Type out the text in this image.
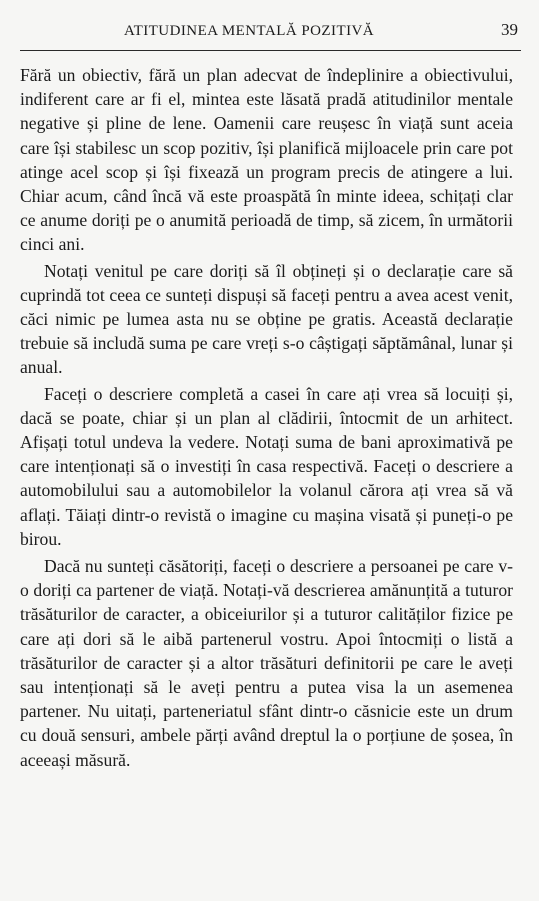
ATITUDINEA MENTALĂ POZITIVĂ	39

Fără un obiectiv, fără un plan adecvat de îndeplinire a obiectivului, indiferent care ar fi el, mintea este lăsată pradă atitudinilor mentale negative și pline de lene. Oamenii care reușesc în viață sunt aceia care își stabilesc un scop pozitiv, își planifică mijloacele prin care pot atinge acel scop și își fixează un program precis de atingere a lui. Chiar acum, când încă vă este proaspătă în minte ideea, schițați clar ce anume doriți pe o anumită perioadă de timp, să zicem, în următorii cinci ani.

Notați venitul pe care doriți să îl obțineți și o declarație care să cuprindă tot ceea ce sunteți dispuși să faceți pentru a avea acest venit, căci nimic pe lumea asta nu se obține pe gratis. Această declarație trebuie să includă suma pe care vreți s-o câștigați săptămânal, lunar și anual.

Faceți o descriere completă a casei în care ați vrea să locuiți și, dacă se poate, chiar și un plan al clădirii, întocmit de un arhitect. Afișați totul undeva la vedere. Notați suma de bani aproximativă pe care intenționați să o investiți în casa respectivă. Faceți o descriere a automobilului sau a automobilelor la volanul cărora ați vrea să vă aflați. Tăiați dintr-o revistă o imagine cu mașina visată și puneți-o pe birou.

Dacă nu sunteți căsătoriți, faceți o descriere a persoanei pe care v-o doriți ca partener de viață. Notați-vă descrierea amănunțită a tuturor trăsăturilor de caracter, a obiceiurilor și a tuturor calităților fizice pe care ați dori să le aibă partenerul vostru. Apoi întocmiți o listă a trăsăturilor de caracter și a altor trăsături definitorii pe care le aveți sau intenționați să le aveți pentru a putea visa la un asemenea partener. Nu uitați, parteneriatul sfânt dintr-o căsnicie este un drum cu două sensuri, ambele părți având dreptul la o porțiune de șosea, în aceeași măsură.
